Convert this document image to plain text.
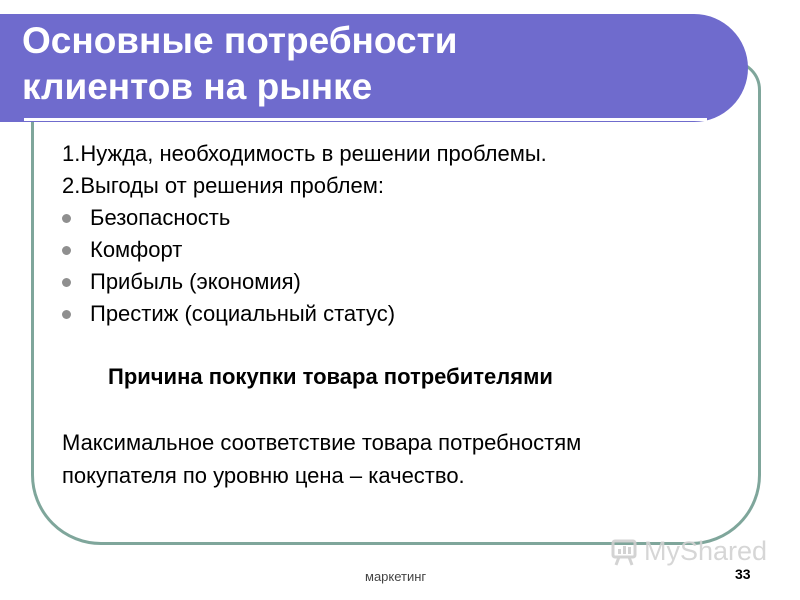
Основные потребности
клиентов на рынке
1.Нужда, необходимость в решении проблемы.
2.Выгоды от решения проблем:
Безопасность
Комфорт
Прибыль (экономия)
Престиж (социальный статус)
Причина покупки товара потребителями
Максимальное соответствие товара потребностям
покупателя по уровню цена – качество.
MyShared
маркетинг	33
